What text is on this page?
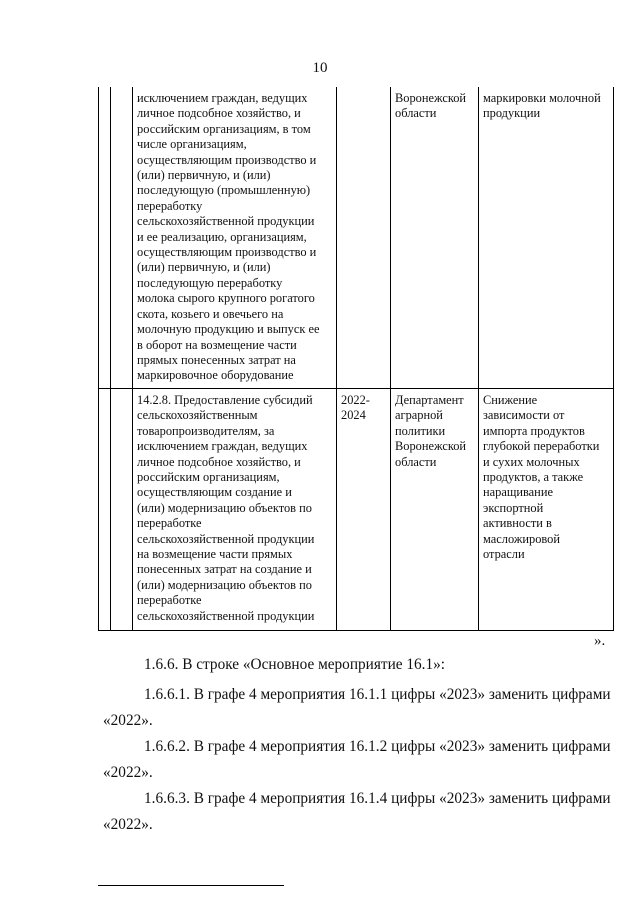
10
исключением граждан, ведущих
личное подсобное хозяйство, и
российским организациям, в том
числе организациям,
осуществляющим производство и
(или) первичную, и (или)
последующую (промышленную)
переработку
сельскохозяйственной продукции
и ее реализацию, организациям,
осуществляющим производство и
(или) первичную, и (или)
последующую переработку
молока сырого крупного рогатого
скота, козьего и овечьего на
молочную продукцию и выпуск ее
в оборот на возмещение части
прямых понесенных затрат на
маркировочное оборудование
Воронежской
области
маркировки молочной
продукции
14.2.8. Предоставление субсидий
сельскохозяйственным
товаропроизводителям, за
исключением граждан, ведущих
личное подсобное хозяйство, и
российским организациям,
осуществляющим создание и
(или) модернизацию объектов по
переработке
сельскохозяйственной продукции
на возмещение части прямых
понесенных затрат на создание и
(или) модернизацию объектов по
переработке
сельскохозяйственной продукции
2022-
2024
Департамент
аграрной
политики
Воронежской
области
Снижение
зависимости от
импорта продуктов
глубокой переработки
и сухих молочных
продуктов, а также
наращивание
экспортной
активности в
масложировой
отрасли
».
1.6.6. В строке «Основное мероприятие 16.1»:
1.6.6.1. В графе 4 мероприятия 16.1.1 цифры «2023» заменить цифрами
«2022».
1.6.6.2. В графе 4 мероприятия 16.1.2 цифры «2023» заменить цифрами
«2022».
1.6.6.3. В графе 4 мероприятия 16.1.4 цифры «2023» заменить цифрами
«2022».
